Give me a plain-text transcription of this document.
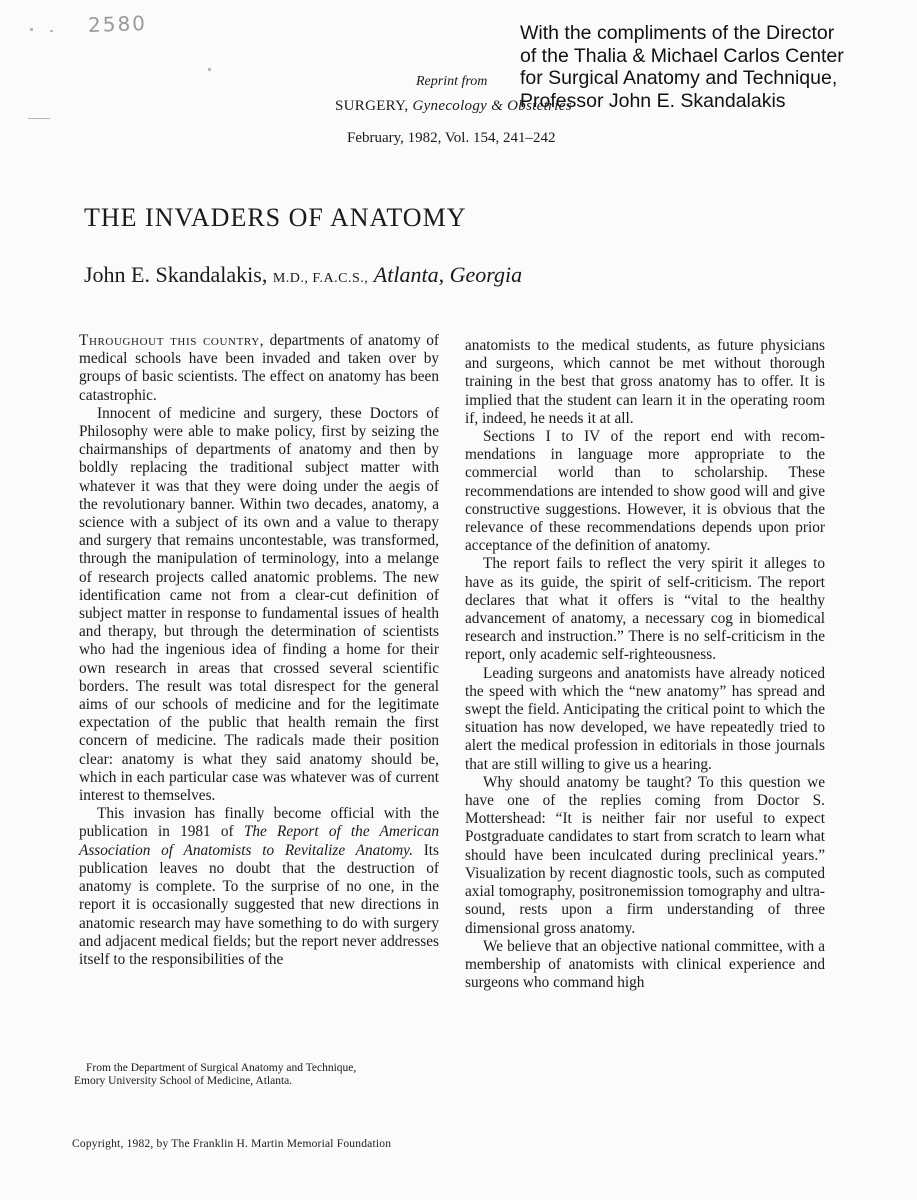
2580	With the compliments of the Director
of the Thalia & Michael Carlos Center
for Surgical Anatomy and Technique,
Professor John E. Skandalakis
Reprint from
SURGERY, Gynecology & Obstetrics
February, 1982, Vol. 154, 241–242
THE INVADERS OF ANATOMY
John E. Skandalakis, M.D., F.A.C.S., Atlanta, Georgia

Throughout this country, departments of anatomy of medical schools have been invaded and taken over by groups of basic scientists. The effect on anatomy has been catastrophic.

Innocent of medicine and surgery, these Doctors of Philosophy were able to make policy, first by seizing the chairmanships of departments of anatomy and then by boldly replacing the traditional subject matter with whatever it was that they were doing under the aegis of the revolutionary banner. Within two decades, anatomy, a science with a subject of its own and a value to therapy and surgery that remains uncontestable, was transformed, through the manipulation of terminology, into a melange of research projects called anatomic problems. The new identification came not from a clear-cut definition of subject matter in response to fundamental issues of health and therapy, but through the determination of scientists who had the ingenious idea of finding a home for their own research in areas that crossed several scientific borders. The result was total disrespect for the general aims of our schools of medicine and for the legitimate expectation of the public that health remain the first concern of medicine. The radicals made their position clear: anatomy is what they said anatomy should be, which in each particular case was whatever was of current interest to themselves.

This invasion has finally become official with the publication in 1981 of The Report of the American Association of Anatomists to Revitalize Anatomy. Its publication leaves no doubt that the destruction of anatomy is complete. To the surprise of no one, in the report it is occasionally suggested that new directions in anatomic research may have something to do with surgery and adjacent medical fields; but the report never addresses itself to the responsibilities of the

anatomists to the medical students, as future physicians and surgeons, which cannot be met without thorough training in the best that gross anatomy has to offer. It is implied that the student can learn it in the operating room if, indeed, he needs it at all.

Sections I to IV of the report end with recommendations in language more appropriate to the commercial world than to scholarship. These recommendations are intended to show good will and give constructive suggestions. However, it is obvious that the relevance of these recommendations depends upon prior acceptance of the definition of anatomy.

The report fails to reflect the very spirit it alleges to have as its guide, the spirit of self-criticism. The report declares that what it offers is “vital to the healthy advancement of anatomy, a necessary cog in biomedical research and instruction.” There is no self-criticism in the report, only academic self-righteousness.

Leading surgeons and anatomists have already noticed the speed with which the “new anatomy” has spread and swept the field. Anticipating the critical point to which the situation has now developed, we have repeatedly tried to alert the medical profession in editorials in those journals that are still willing to give us a hearing.

Why should anatomy be taught? To this question we have one of the replies coming from Doctor S. Mottershead: “It is neither fair nor useful to expect Postgraduate candidates to start from scratch to learn what should have been inculcated during preclinical years.” Visualization by recent diagnostic tools, such as computed axial tomography, positronemission tomography and ultrasound, rests upon a firm understanding of three dimensional gross anatomy.

We believe that an objective national committee, with a membership of anatomists with clinical experience and surgeons who command high

From the Department of Surgical Anatomy and Technique,
Emory University School of Medicine, Atlanta.
Copyright, 1982, by The Franklin H. Martin Memorial Foundation
